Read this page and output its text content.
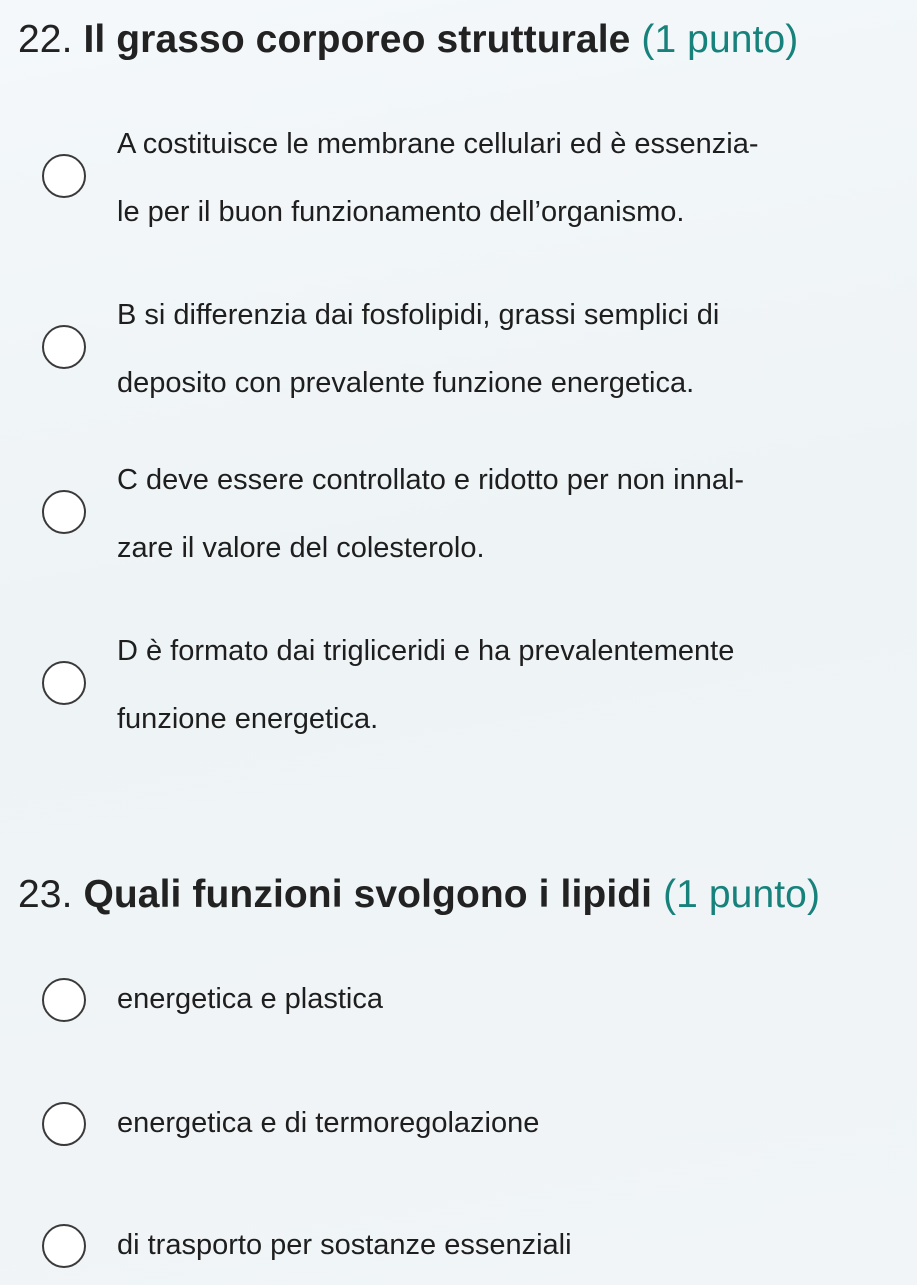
22. Il grasso corporeo strutturale (1 punto)
A costituisce le membrane cellulari ed è essenzia-
le per il buon funzionamento dell’organismo.
B si differenzia dai fosfolipidi, grassi semplici di
deposito con prevalente funzione energetica.
C deve essere controllato e ridotto per non innal-
zare il valore del colesterolo.
D è formato dai trigliceridi e ha prevalentemente
funzione energetica.
23. Quali funzioni svolgono i lipidi (1 punto)
energetica e plastica
energetica e di termoregolazione
di trasporto per sostanze essenziali
